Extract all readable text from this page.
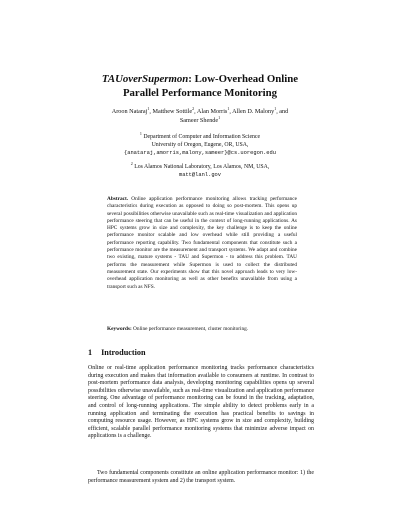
TAUoverSupermon: Low-Overhead Online
Parallel Performance Monitoring
Aroon Nataraj$^1$, Matthew Sottile$^2$, Alan Morris$^1$, Allen D. Malony$^1$, and
Sameer Shende$^1$
$^1$ Department of Computer and Information Science
University of Oregon, Eugene, OR, USA,
{anataraj,amorris,malony,sameer}@cs.uoregon.edu
$^2$ Los Alamos National Laboratory, Los Alamos, NM, USA,
matt@lanl.gov
Abstract. Online application performance monitoring allows tracking performance characteristics during execution as opposed to doing so post-mortem. This opens up several possibilities otherwise unavailable such as real-time visualization and application performance steering that can be useful in the context of long-running applications. As HPC systems grow in size and complexity, the key challenge is to keep the online performance monitor scalable and low overhead while still providing a useful performance reporting capability. Two fundamental components that constitute such a performance monitor are the measurement and transport systems. We adapt and combine two existing, mature systems - TAU and Supermon - to address this problem. TAU performs the measurement while Supermon is used to collect the distributed measurement state. Our experiments show that this novel approach leads to very low-overhead application monitoring as well as other benefits unavailable from using a transport such as NFS.
Keywords: Online performance measurement, cluster monitoring.
1 Introduction
Online or real-time application performance monitoring tracks performance characteristics during execution and makes that information available to consumers at runtime. In contrast to post-mortem performance data analysis, developing monitoring capabilities opens up several possibilities otherwise unavailable, such as real-time visualization and application performance steering. One advantage of performance monitoring can be found in the tracking, adaptation, and control of long-running applications. The simple ability to detect problems early in a running application and terminating the execution has practical benefits to savings in computing resource usage. However, as HPC systems grow in size and complexity, building efficient, scalable parallel performance monitoring systems that minimize adverse impact on applications is a challenge.
Two fundamental components constitute an online application performance monitor: 1) the performance measurement system and 2) the transport system.
